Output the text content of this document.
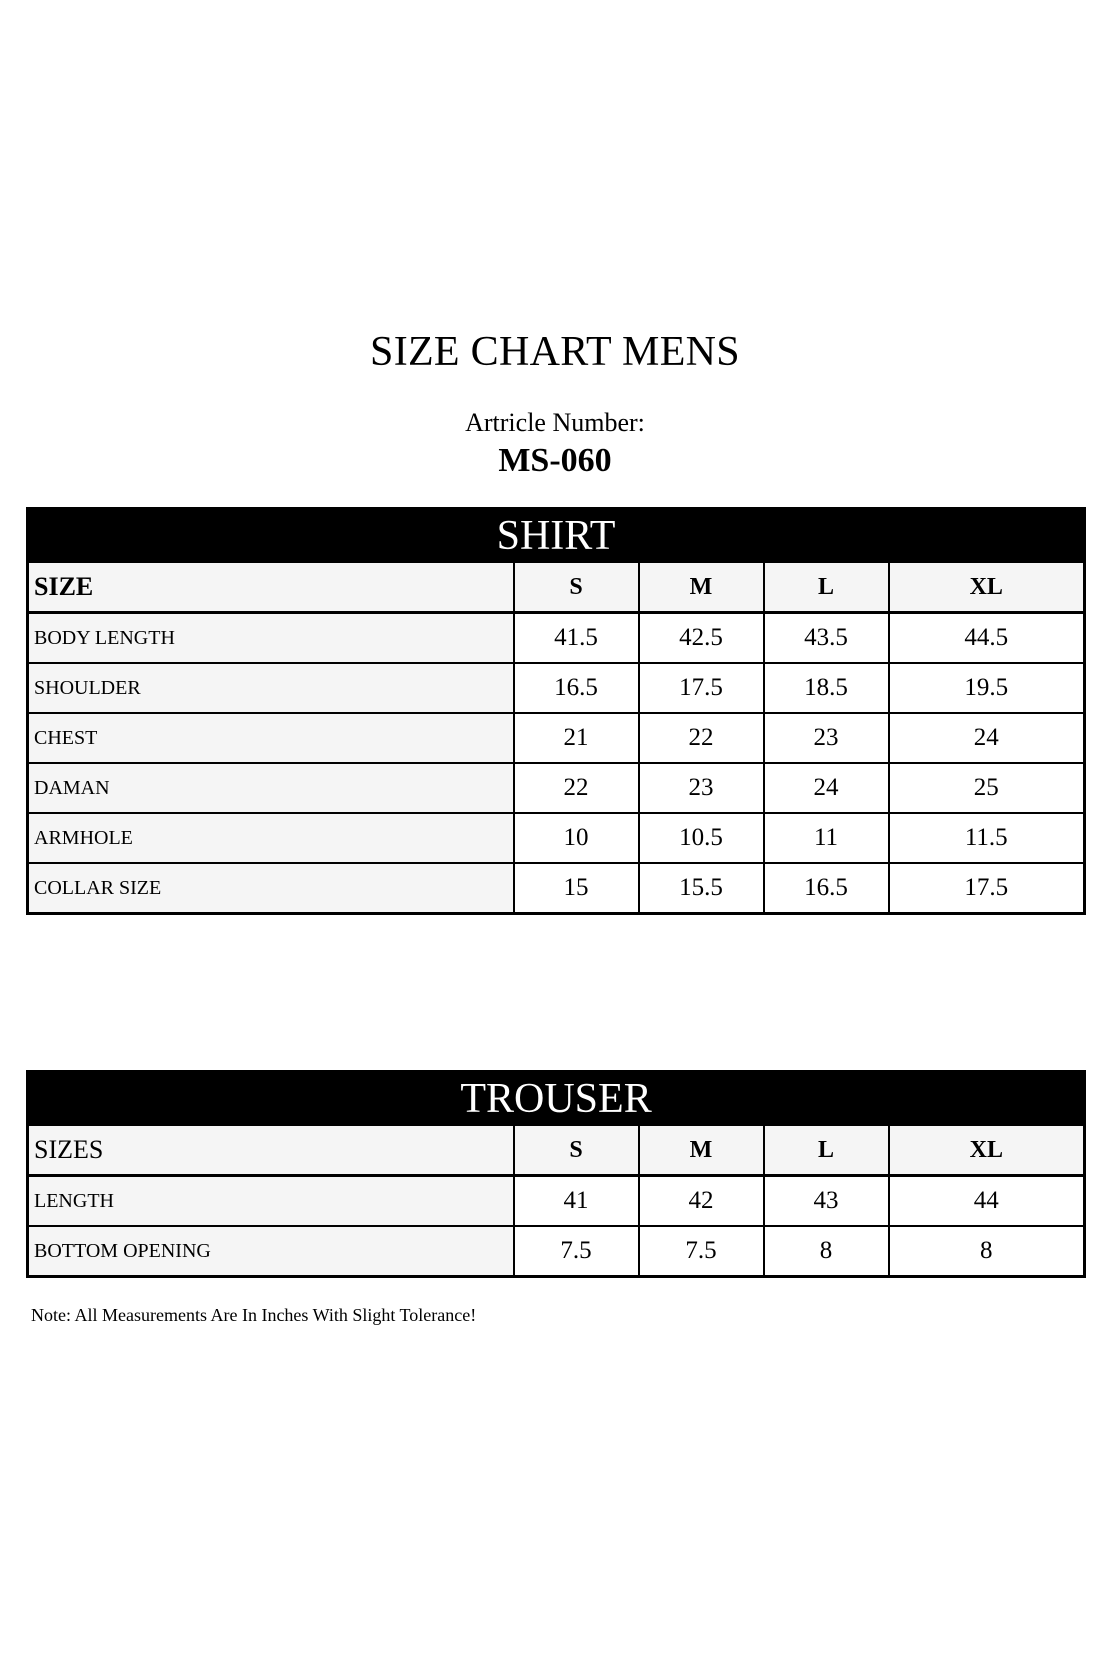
SIZE CHART MENS
Artricle Number:
MS-060
SHIRT				
SIZE	S	M	L	XL
BODY LENGTH	41.5	42.5	43.5	44.5
SHOULDER	16.5	17.5	18.5	19.5
CHEST	21	22	23	24
DAMAN	22	23	24	25
ARMHOLE	10	10.5	11	11.5
COLLAR SIZE	15	15.5	16.5	17.5
TROUSER				
SIZES	S	M	L	XL
LENGTH	41	42	43	44
BOTTOM OPENING	7.5	7.5	8	8
Note: All Measurements Are In Inches With Slight Tolerance!
